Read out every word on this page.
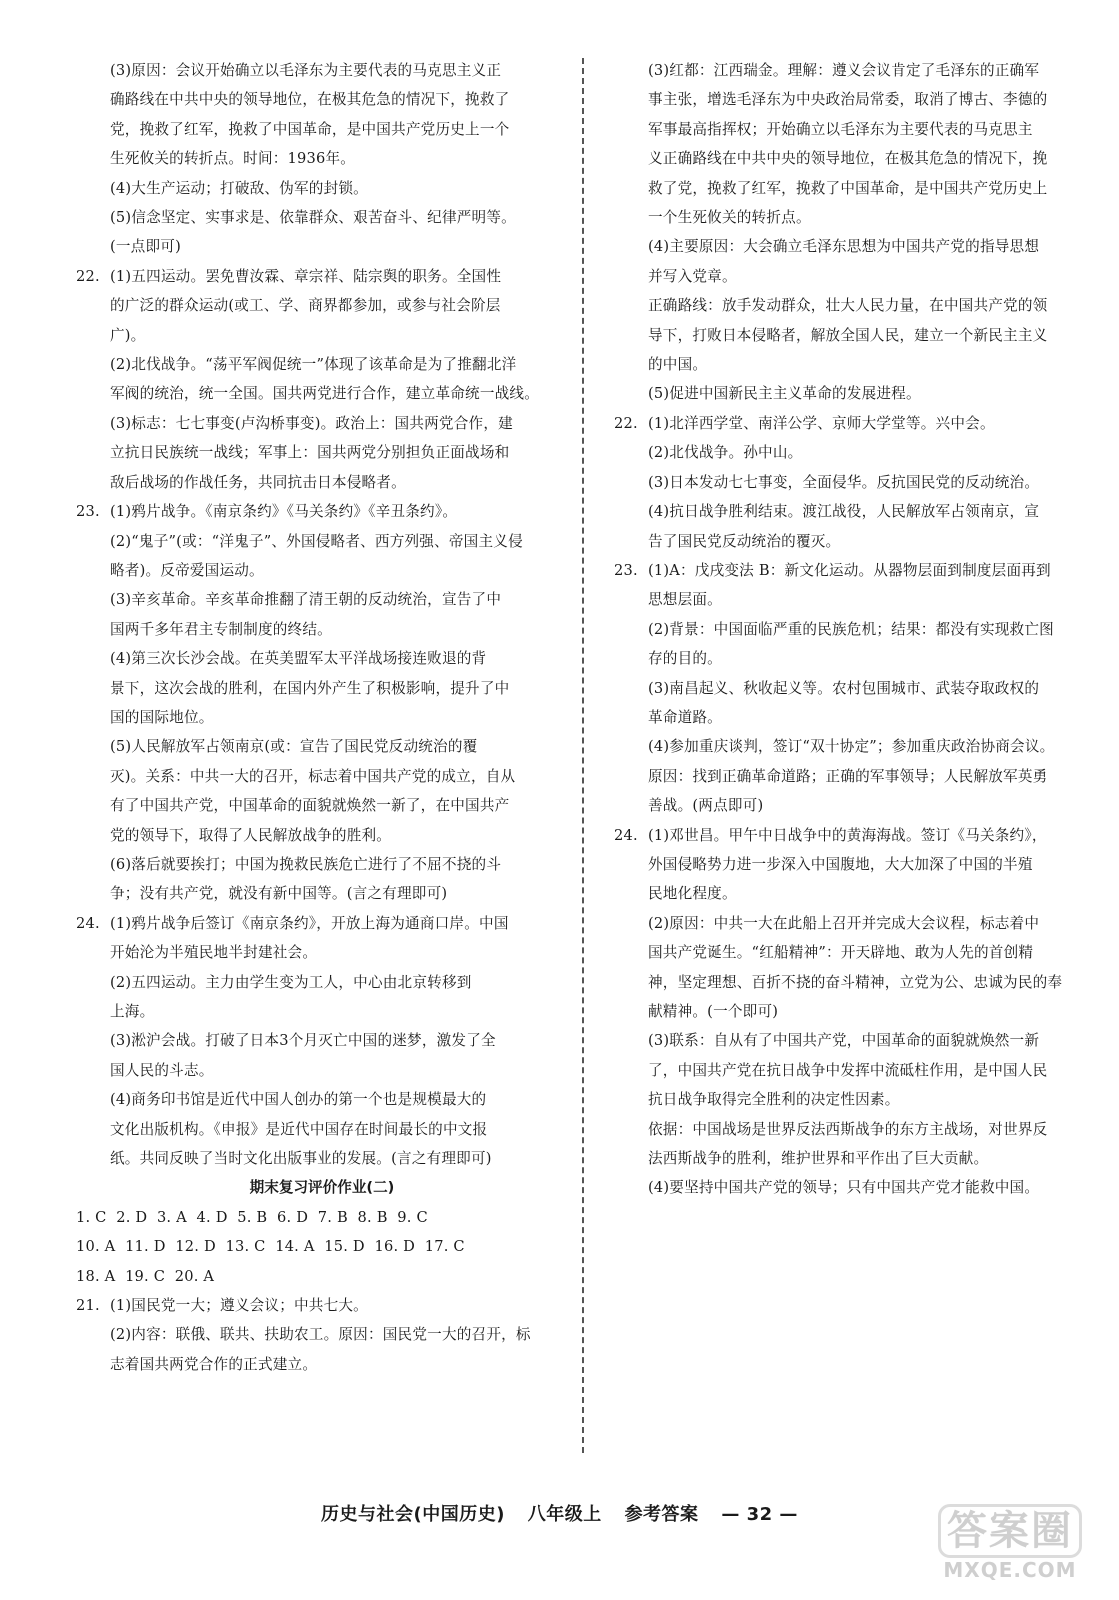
(3)原因：会议开始确立以毛泽东为主要代表的马克思主义正
确路线在中共中央的领导地位，在极其危急的情况下，挽救了
党，挽救了红军，挽救了中国革命，是中国共产党历史上一个
生死攸关的转折点。时间：1936年。
(4)大生产运动；打破敌、伪军的封锁。
(5)信念坚定、实事求是、依靠群众、艰苦奋斗、纪律严明等。
(一点即可)
22. (1)五四运动。罢免曹汝霖、章宗祥、陆宗舆的职务。全国性
的广泛的群众运动(或工、学、商界都参加，或参与社会阶层
广)。
(2)北伐战争。“荡平军阀促统一”体现了该革命是为了推翻北洋
军阀的统治，统一全国。国共两党进行合作，建立革命统一战线。
(3)标志：七七事变(卢沟桥事变)。政治上：国共两党合作，建
立抗日民族统一战线；军事上：国共两党分别担负正面战场和
敌后战场的作战任务，共同抗击日本侵略者。
23. (1)鸦片战争。《南京条约》《马关条约》《辛丑条约》。
(2)“鬼子”(或：“洋鬼子”、外国侵略者、西方列强、帝国主义侵
略者)。反帝爱国运动。
(3)辛亥革命。辛亥革命推翻了清王朝的反动统治，宣告了中
国两千多年君主专制制度的终结。
(4)第三次长沙会战。在英美盟军太平洋战场接连败退的背
景下，这次会战的胜利，在国内外产生了积极影响，提升了中
国的国际地位。
(5)人民解放军占领南京(或：宣告了国民党反动统治的覆
灭)。关系：中共一大的召开，标志着中国共产党的成立，自从
有了中国共产党，中国革命的面貌就焕然一新了，在中国共产
党的领导下，取得了人民解放战争的胜利。
(6)落后就要挨打；中国为挽救民族危亡进行了不屈不挠的斗
争；没有共产党，就没有新中国等。(言之有理即可)
24. (1)鸦片战争后签订《南京条约》，开放上海为通商口岸。中国
开始沦为半殖民地半封建社会。
(2)五四运动。主力由学生变为工人，中心由北京转移到
上海。
(3)淞沪会战。打破了日本3个月灭亡中国的迷梦，激发了全
国人民的斗志。
(4)商务印书馆是近代中国人创办的第一个也是规模最大的
文化出版机构。《申报》是近代中国存在时间最长的中文报
纸。共同反映了当时文化出版事业的发展。(言之有理即可)
期末复习评价作业(二)
1. C  2. D  3. A  4. D  5. B  6. D  7. B  8. B  9. C
10. A  11. D  12. D  13. C  14. A  15. D  16. D  17. C
18. A  19. C  20. A
21. (1)国民党一大；遵义会议；中共七大。
(2)内容：联俄、联共、扶助农工。原因：国民党一大的召开，标
志着国共两党合作的正式建立。
(3)红都：江西瑞金。理解：遵义会议肯定了毛泽东的正确军
事主张，增选毛泽东为中央政治局常委，取消了博古、李德的
军事最高指挥权；开始确立以毛泽东为主要代表的马克思主
义正确路线在中共中央的领导地位，在极其危急的情况下，挽
救了党，挽救了红军，挽救了中国革命，是中国共产党历史上
一个生死攸关的转折点。
(4)主要原因：大会确立毛泽东思想为中国共产党的指导思想
并写入党章。
正确路线：放手发动群众，壮大人民力量，在中国共产党的领
导下，打败日本侵略者，解放全国人民，建立一个新民主主义
的中国。
(5)促进中国新民主主义革命的发展进程。
22. (1)北洋西学堂、南洋公学、京师大学堂等。兴中会。
(2)北伐战争。孙中山。
(3)日本发动七七事变，全面侵华。反抗国民党的反动统治。
(4)抗日战争胜利结束。渡江战役，人民解放军占领南京，宣
告了国民党反动统治的覆灭。
23. (1)A：戊戌变法 B：新文化运动。从器物层面到制度层面再到
思想层面。
(2)背景：中国面临严重的民族危机；结果：都没有实现救亡图
存的目的。
(3)南昌起义、秋收起义等。农村包围城市、武装夺取政权的
革命道路。
(4)参加重庆谈判，签订“双十协定”；参加重庆政治协商会议。
原因：找到正确革命道路；正确的军事领导；人民解放军英勇
善战。(两点即可)
24. (1)邓世昌。甲午中日战争中的黄海海战。签订《马关条约》，
外国侵略势力进一步深入中国腹地，大大加深了中国的半殖
民地化程度。
(2)原因：中共一大在此船上召开并完成大会议程，标志着中
国共产党诞生。“红船精神”：开天辟地、敢为人先的首创精
神，坚定理想、百折不挠的奋斗精神，立党为公、忠诚为民的奉
献精神。(一个即可)
(3)联系：自从有了中国共产党，中国革命的面貌就焕然一新
了，中国共产党在抗日战争中发挥中流砥柱作用，是中国人民
抗日战争取得完全胜利的决定性因素。
依据：中国战场是世界反法西斯战争的东方主战场，对世界反
法西斯战争的胜利，维护世界和平作出了巨大贡献。
(4)要坚持中国共产党的领导；只有中国共产党才能救中国。
历史与社会(中国历史) 八年级上 参考答案 — 32 —	答案圈
MXQE.COM
